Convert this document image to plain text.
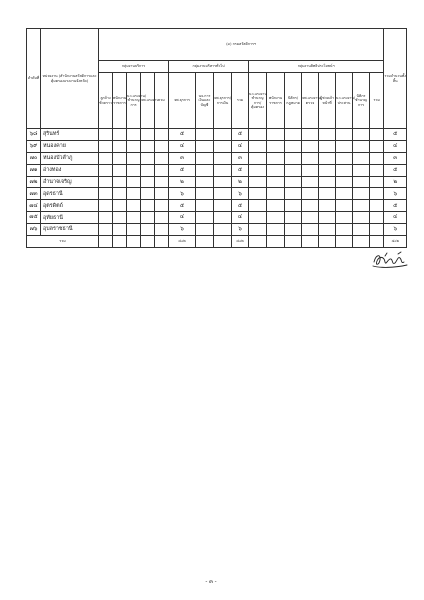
ลำดับที่	หน่วยงาน (สำนักงานสวัสดิการและคุ้มครองแรงงานจังหวัด)	(๓) กรมสวัสดิการฯ																	รวมจำนวนทั้งสิ้น
		กลุ่มงานบริการ					กลุ่มงานบริหารทั่วไป				กลุ่มงานสิทธิประโยชน์ฯ								
		ลูกจ้างชั่วคราว	พนักงานราชการ	นว.แรงงาน/ชำนาญการ	จพ.แรงงาน	รวม	จพ.ธุรการ	นจ.การเงินและบัญชี	จพ.ธุรการ/การเงิน	รวม	นว.แรงงานชำนาญการ/คุ้มครอง	พนักงานราชการ	นิติกร/กฎหมาย	จพ.แรงงาน/ตรวจ	ผู้ช่วยเจ้าหน้าที่	นว.แรงงาน/ประสาน	นิติกรชำนาญการ	รวม	
๖๘	สุรินทร์						๕			๕									๕
๖๙	หนองคาย						๔			๔									๔
๗๐	หนองบัวลำภู						๓			๓									๓
๗๑	อ่างทอง						๕			๕									๕
๗๒	อำนาจเจริญ						๒			๒									๒
๗๓	อุดรธานี						๖			๖									๖
๗๔	อุตรดิตถ์						๕			๕									๕
๗๕	อุทัยธานี						๔			๔									๔
๗๖	อุบลราชธานี						๖			๖									๖
รวม							๔๐๒			๔๐๒									๔๐๒
- ๓ -
